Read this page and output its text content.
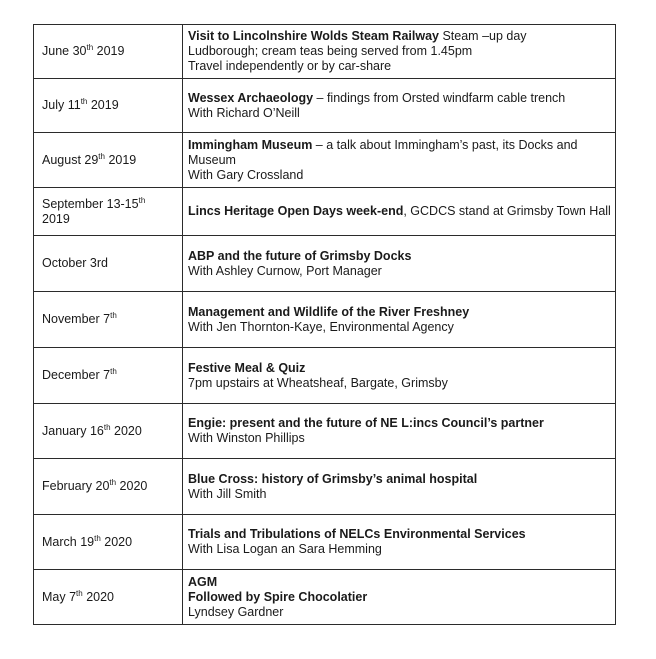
June 30th 2019	Visit to Lincolnshire Wolds Steam Railway Steam –up day
Ludborough; cream teas being served from 1.45pm
Travel independently or by car-share

July 11th 2019	Wessex Archaeology – findings from Orsted windfarm cable trench
With Richard O’Neill

August 29th 2019	Immingham Museum – a talk about Immingham’s past, its Docks and Museum
With Gary Crossland

September 13-15th
2019	Lincs Heritage Open Days week-end, GCDCS stand at Grimsby Town Hall

October 3rd	ABP and the future of Grimsby Docks
With Ashley Curnow, Port Manager

November 7th	Management and Wildlife of the River Freshney
With Jen Thornton-Kaye, Environmental Agency

December 7th	Festive Meal & Quiz
7pm upstairs at Wheatsheaf, Bargate, Grimsby

January 16th 2020	Engie: present and the future of NE L:incs Council’s partner
With Winston Phillips

February 20th 2020	Blue Cross: history of Grimsby’s animal hospital
With Jill Smith

March 19th 2020	Trials and Tribulations of NELCs Environmental Services
With Lisa Logan an Sara Hemming

May 7th 2020	AGM
Followed by Spire Chocolatier
Lyndsey Gardner
